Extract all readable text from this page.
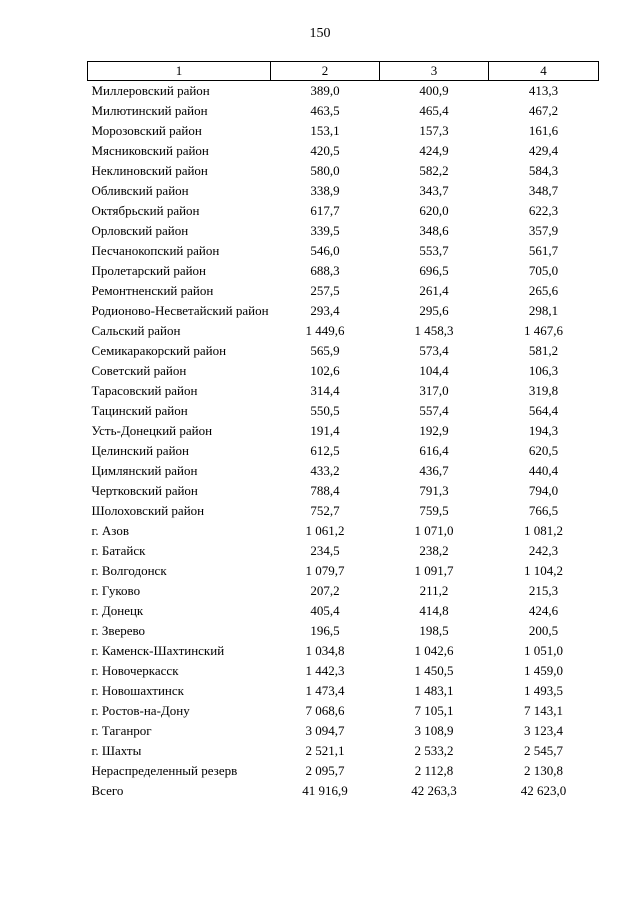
150
1	2	3	4
Миллеровский район	389,0	400,9	413,3
Милютинский район	463,5	465,4	467,2
Морозовский район	153,1	157,3	161,6
Мясниковский район	420,5	424,9	429,4
Неклиновский район	580,0	582,2	584,3
Обливский район	338,9	343,7	348,7
Октябрьский район	617,7	620,0	622,3
Орловский район	339,5	348,6	357,9
Песчанокопский район	546,0	553,7	561,7
Пролетарский район	688,3	696,5	705,0
Ремонтненский район	257,5	261,4	265,6
Родионово-Несветайский район	293,4	295,6	298,1
Сальский район	1 449,6	1 458,3	1 467,6
Семикаракорский район	565,9	573,4	581,2
Советский район	102,6	104,4	106,3
Тарасовский район	314,4	317,0	319,8
Тацинский район	550,5	557,4	564,4
Усть-Донецкий район	191,4	192,9	194,3
Целинский район	612,5	616,4	620,5
Цимлянский район	433,2	436,7	440,4
Чертковский район	788,4	791,3	794,0
Шолоховский район	752,7	759,5	766,5
г. Азов	1 061,2	1 071,0	1 081,2
г. Батайск	234,5	238,2	242,3
г. Волгодонск	1 079,7	1 091,7	1 104,2
г. Гуково	207,2	211,2	215,3
г. Донецк	405,4	414,8	424,6
г. Зверево	196,5	198,5	200,5
г. Каменск-Шахтинский	1 034,8	1 042,6	1 051,0
г. Новочеркасск	1 442,3	1 450,5	1 459,0
г. Новошахтинск	1 473,4	1 483,1	1 493,5
г. Ростов-на-Дону	7 068,6	7 105,1	7 143,1
г. Таганрог	3 094,7	3 108,9	3 123,4
г. Шахты	2 521,1	2 533,2	2 545,7
Нераспределенный резерв	2 095,7	2 112,8	2 130,8
Всего	41 916,9	42 263,3	42 623,0
